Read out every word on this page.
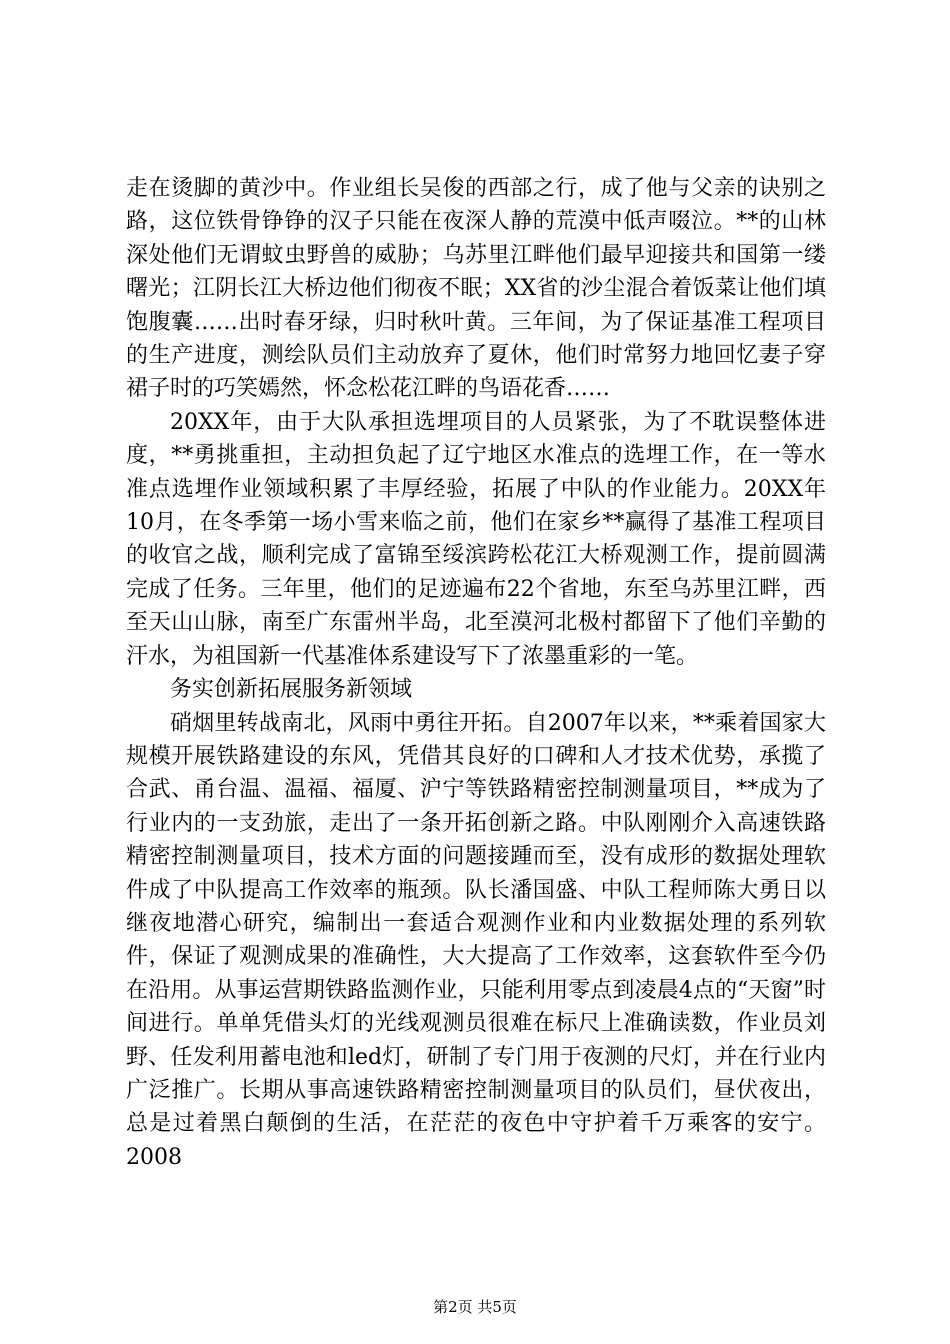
走在烫脚的黄沙中。作业组长吴俊的西部之行，成了他与父亲的诀别之路，这位铁骨铮铮的汉子只能在夜深人静的荒漠中低声啜泣。**的山林深处他们无谓蚊虫野兽的威胁；乌苏里江畔他们最早迎接共和国第一缕曙光；江阴长江大桥边他们彻夜不眠；XX省的沙尘混合着饭菜让他们填饱腹囊……出时春牙绿，归时秋叶黄。三年间，为了保证基准工程项目的生产进度，测绘队员们主动放弃了夏休，他们时常努力地回忆妻子穿裙子时的巧笑嫣然，怀念松花江畔的鸟语花香……

20XX年，由于大队承担选埋项目的人员紧张，为了不耽误整体进度，**勇挑重担，主动担负起了辽宁地区水准点的选埋工作，在一等水准点选埋作业领域积累了丰厚经验，拓展了中队的作业能力。20XX年10月，在冬季第一场小雪来临之前，他们在家乡**赢得了基准工程项目的收官之战，顺利完成了富锦至绥滨跨松花江大桥观测工作，提前圆满完成了任务。三年里，他们的足迹遍布22个省地，东至乌苏里江畔，西至天山山脉，南至广东雷州半岛，北至漠河北极村都留下了他们辛勤的汗水，为祖国新一代基准体系建设写下了浓墨重彩的一笔。

务实创新拓展服务新领域

硝烟里转战南北，风雨中勇往开拓。自2007年以来，**乘着国家大规模开展铁路建设的东风，凭借其良好的口碑和人才技术优势，承揽了合武、甬台温、温福、福厦、沪宁等铁路精密控制测量项目，**成为了行业内的一支劲旅，走出了一条开拓创新之路。中队刚刚介入高速铁路精密控制测量项目，技术方面的问题接踵而至，没有成形的数据处理软件成了中队提高工作效率的瓶颈。队长潘国盛、中队工程师陈大勇日以继夜地潜心研究，编制出一套适合观测作业和内业数据处理的系列软件，保证了观测成果的准确性，大大提高了工作效率，这套软件至今仍在沿用。从事运营期铁路监测作业，只能利用零点到凌晨4点的“天窗”时间进行。单单凭借头灯的光线观测员很难在标尺上准确读数，作业员刘野、任发利用蓄电池和led灯，研制了专门用于夜测的尺灯，并在行业内广泛推广。长期从事高速铁路精密控制测量项目的队员们，昼伏夜出，总是过着黑白颠倒的生活，在茫茫的夜色中守护着千万乘客的安宁。2008

第2页 共5页
